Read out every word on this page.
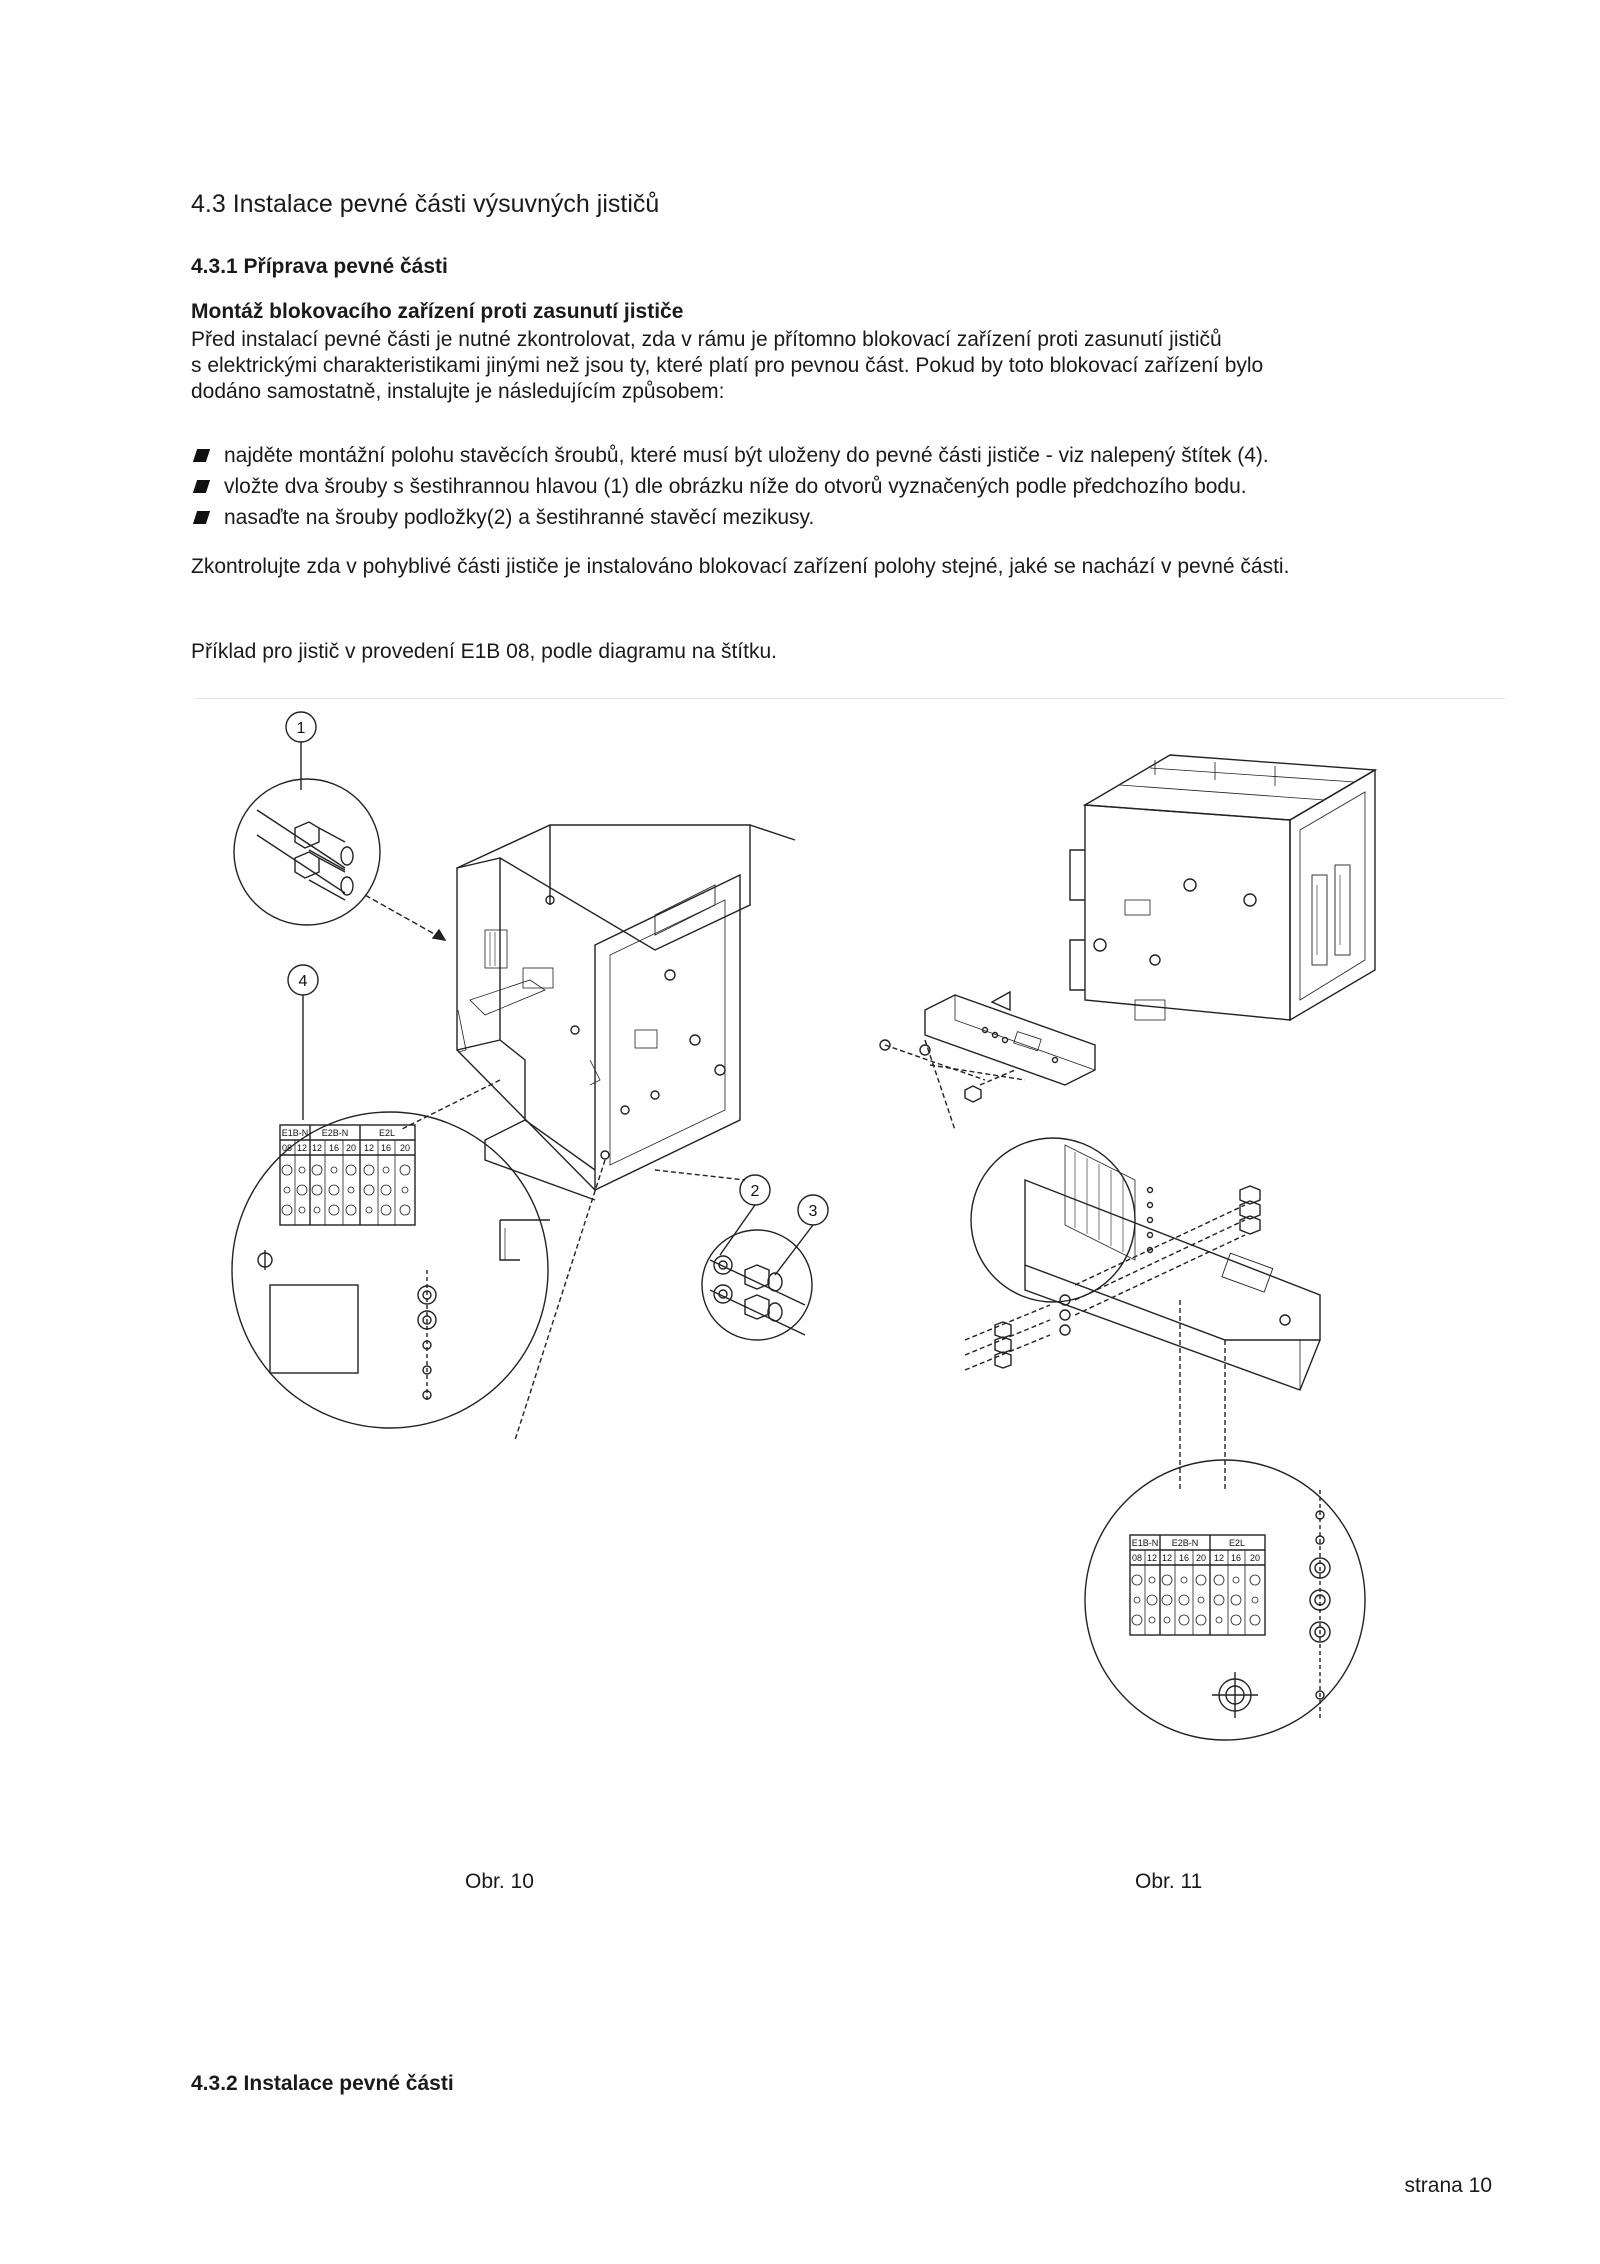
4.3 Instalace pevné části výsuvných jističů
4.3.1 Příprava pevné části
Montáž blokovacího zařízení proti zasunutí jističe
Před instalací pevné části je nutné zkontrolovat, zda v rámu je přítomno blokovací zařízení proti zasunutí jističů
s elektrickými charakteristikami jinými než jsou ty, které platí pro pevnou část. Pokud by toto blokovací zařízení bylo
dodáno samostatně, instalujte je následujícím způsobem:
najděte montážní polohu stavěcích šroubů, které musí být uloženy do pevné části jističe - viz nalepený štítek (4).
vložte dva šrouby s šestihrannou hlavou (1) dle obrázku níže do otvorů vyznačených podle předchozího bodu.
nasaďte na šrouby podložky(2) a šestihranné stavěcí mezikusy.
Zkontrolujte zda v pohyblivé části jističe je instalováno blokovací zařízení polohy stejné, jaké se nachází v pevné části.
Příklad pro jistič v provedení E1B 08, podle diagramu na štítku.
1
4
E1B-N E2B-N	E2L
08 12 12 16 20 12 16 20
2
3
E1B-N E2B-N	E2L
08 12 12 16 20 12 16 20
Obr. 10	Obr. 11
4.3.2 Instalace pevné části
strana 10
